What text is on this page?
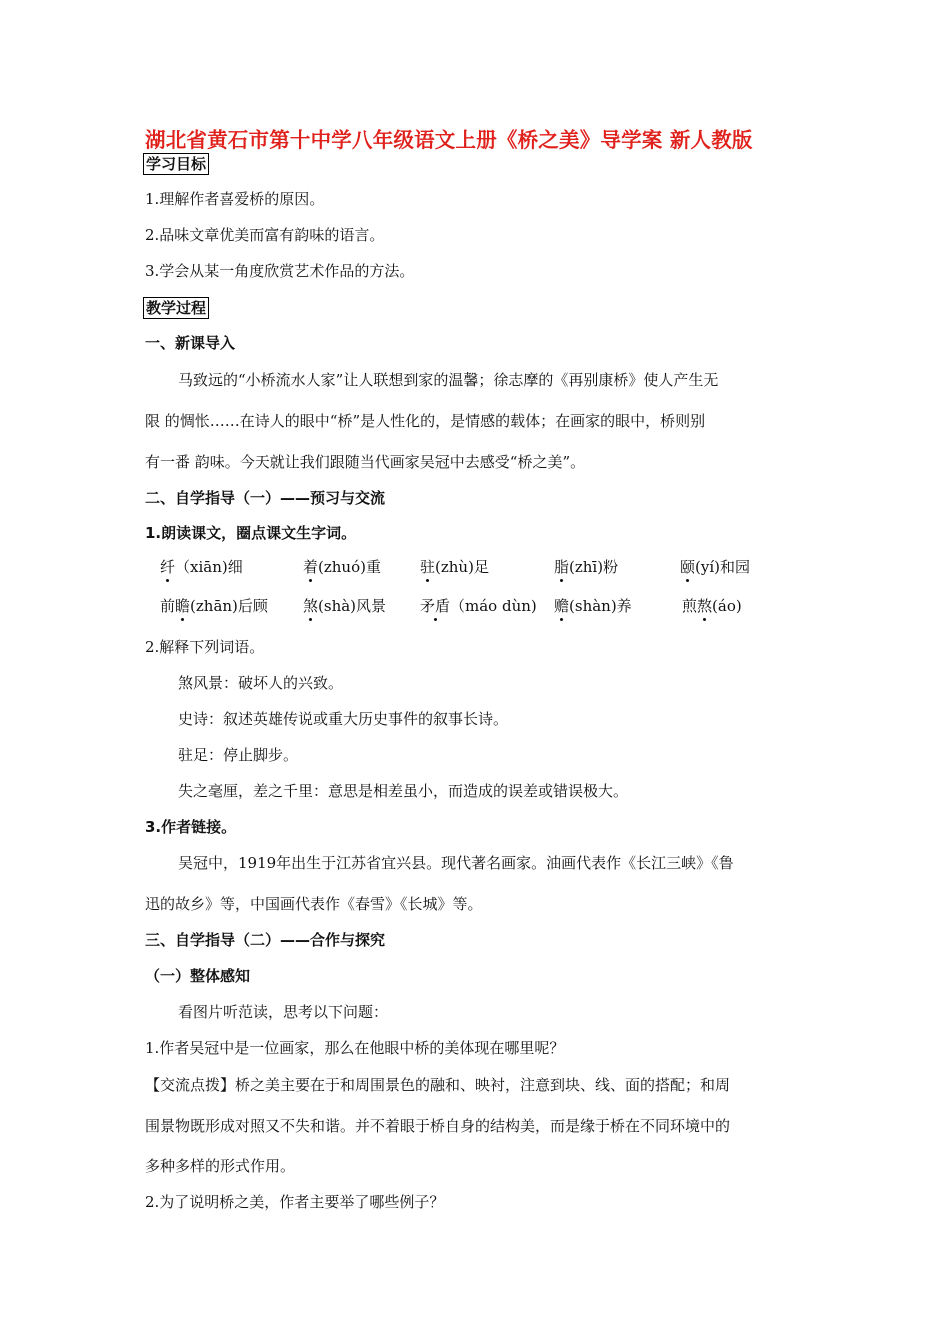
湖北省黄石市第十中学八年级语文上册《桥之美》导学案 新人教版
学习目标
1.理解作者喜爱桥的原因。
2.品味文章优美而富有韵味的语言。
3.学会从某一角度欣赏艺术作品的方法。
教学过程
一、新课导入
马致远的“小桥流水人家”让人联想到家的温馨；徐志摩的《再别康桥》使人产生无
限 的惆怅……在诗人的眼中“桥”是人性化的，是情感的载体；在画家的眼中，桥则别
有一番 韵味。今天就让我们跟随当代画家吴冠中去感受“桥之美”。
二、自学指导（一）——预习与交流
1.朗读课文，圈点课文生字词。
纤（xiān)细	着(zhuó)重	驻(zhù)足	脂(zhī)粉	颐(yí)和园
前瞻(zhān)后顾 煞(shà)风景 矛盾（máo dùn) 赡(shàn)养	煎熬(áo)
2.解释下列词语。
煞风景：破坏人的兴致。
史诗：叙述英雄传说或重大历史事件的叙事长诗。
驻足：停止脚步。
失之毫厘，差之千里：意思是相差虽小，而造成的误差或错误极大。
3.作者链接。
吴冠中，1919年出生于江苏省宜兴县。现代著名画家。油画代表作《长江三峡》《鲁
迅的故乡》等，中国画代表作《春雪》《长城》等。
三、自学指导（二）——合作与探究
（一）整体感知
看图片听范读，思考以下问题：
1.作者吴冠中是一位画家，那么在他眼中桥的美体现在哪里呢？
【交流点拨】桥之美主要在于和周围景色的融和、映衬，注意到块、线、面的搭配；和周
围景物既形成对照又不失和谐。并不着眼于桥自身的结构美，而是缘于桥在不同环境中的
多种多样的形式作用。
2.为了说明桥之美，作者主要举了哪些例子？
